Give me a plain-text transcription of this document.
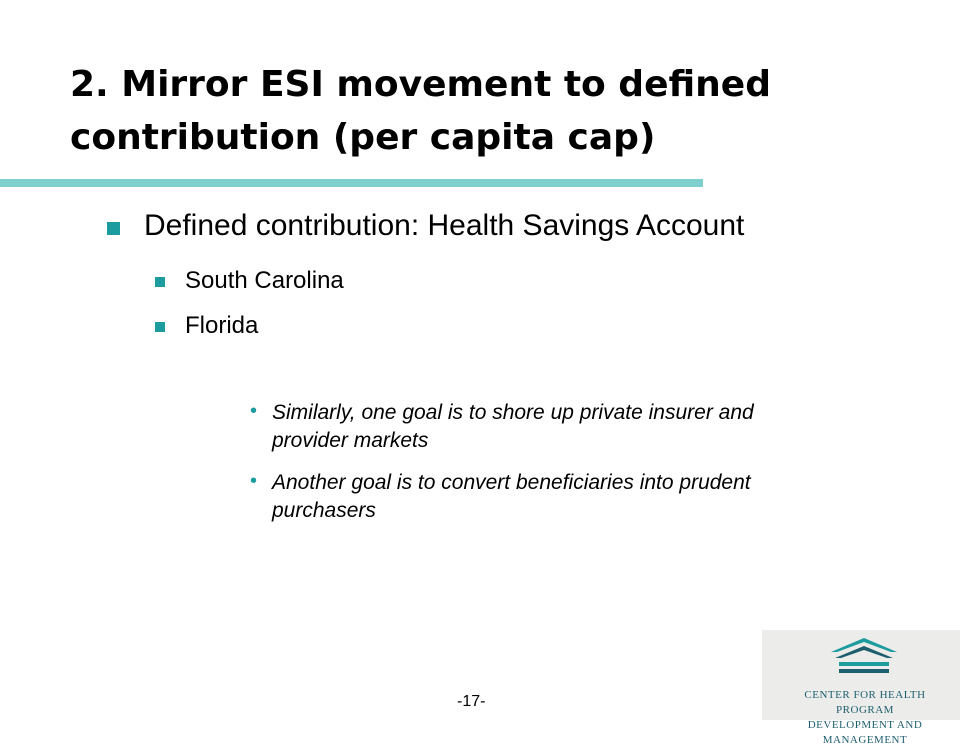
2. Mirror ESI movement to defined
contribution (per capita cap)
Defined contribution: Health Savings Account
South Carolina
Florida
• Similarly, one goal is to shore up private insurer and
provider markets
• Another goal is to convert beneficiaries into prudent
purchasers
-17-	CENTER FOR HEALTH PROGRAM
DEVELOPMENT AND MANAGEMENT
